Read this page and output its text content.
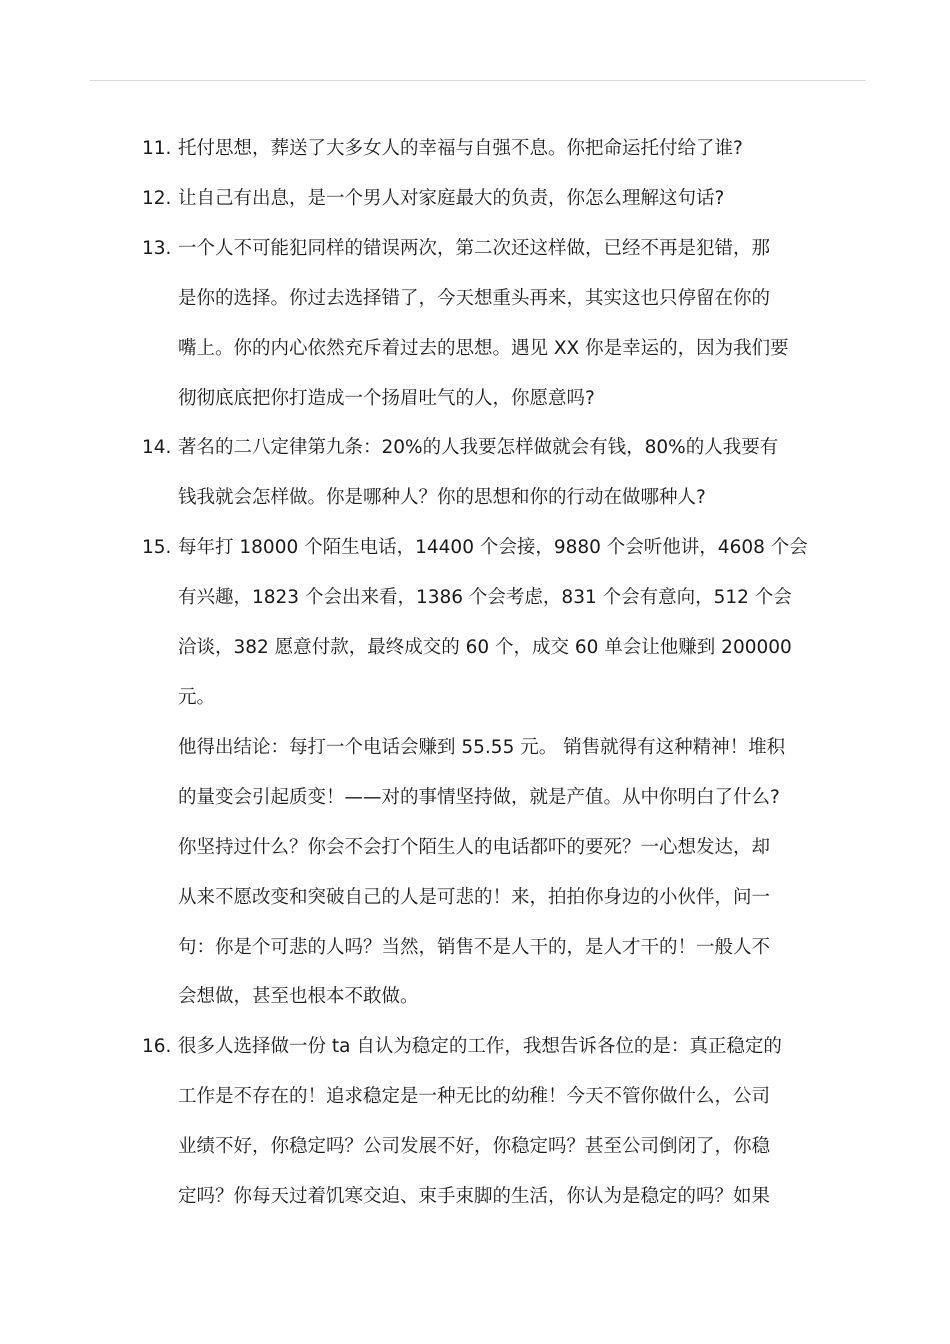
11. 托付思想，葬送了大多女人的幸福与自强不息。你把命运托付给了谁?
12. 让自己有出息，是一个男人对家庭最大的负责，你怎么理解这句话?
13. 一个人不可能犯同样的错误两次，第二次还这样做，已经不再是犯错，那
是你的选择。你过去选择错了，今天想重头再来，其实这也只停留在你的
嘴上。你的内心依然充斥着过去的思想。遇见 XX 你是幸运的，因为我们要
彻彻底底把你打造成一个扬眉吐气的人，你愿意吗?
14. 著名的二八定律第九条：20%的人我要怎样做就会有钱，80%的人我要有
钱我就会怎样做。你是哪种人？你的思想和你的行动在做哪种人?
15. 每年打 18000 个陌生电话，14400 个会接，9880 个会听他讲，4608 个会
有兴趣，1823 个会出来看，1386 个会考虑，831 个会有意向，512 个会
洽谈，382 愿意付款，最终成交的 60 个，成交 60 单会让他赚到 200000
元。
他得出结论：每打一个电话会赚到 55.55 元。 销售就得有这种精神！堆积
的量变会引起质变！——对的事情坚持做，就是产值。从中你明白了什么?
你坚持过什么？你会不会打个陌生人的电话都吓的要死？一心想发达，却
从来不愿改变和突破自己的人是可悲的！来，拍拍你身边的小伙伴，问一
句：你是个可悲的人吗？当然，销售不是人干的，是人才干的！一般人不
会想做，甚至也根本不敢做。
16. 很多人选择做一份 ta 自认为稳定的工作，我想告诉各位的是：真正稳定的
工作是不存在的！追求稳定是一种无比的幼稚！今天不管你做什么，公司
业绩不好，你稳定吗？公司发展不好，你稳定吗？甚至公司倒闭了，你稳
定吗？你每天过着饥寒交迫、束手束脚的生活，你认为是稳定的吗？如果
